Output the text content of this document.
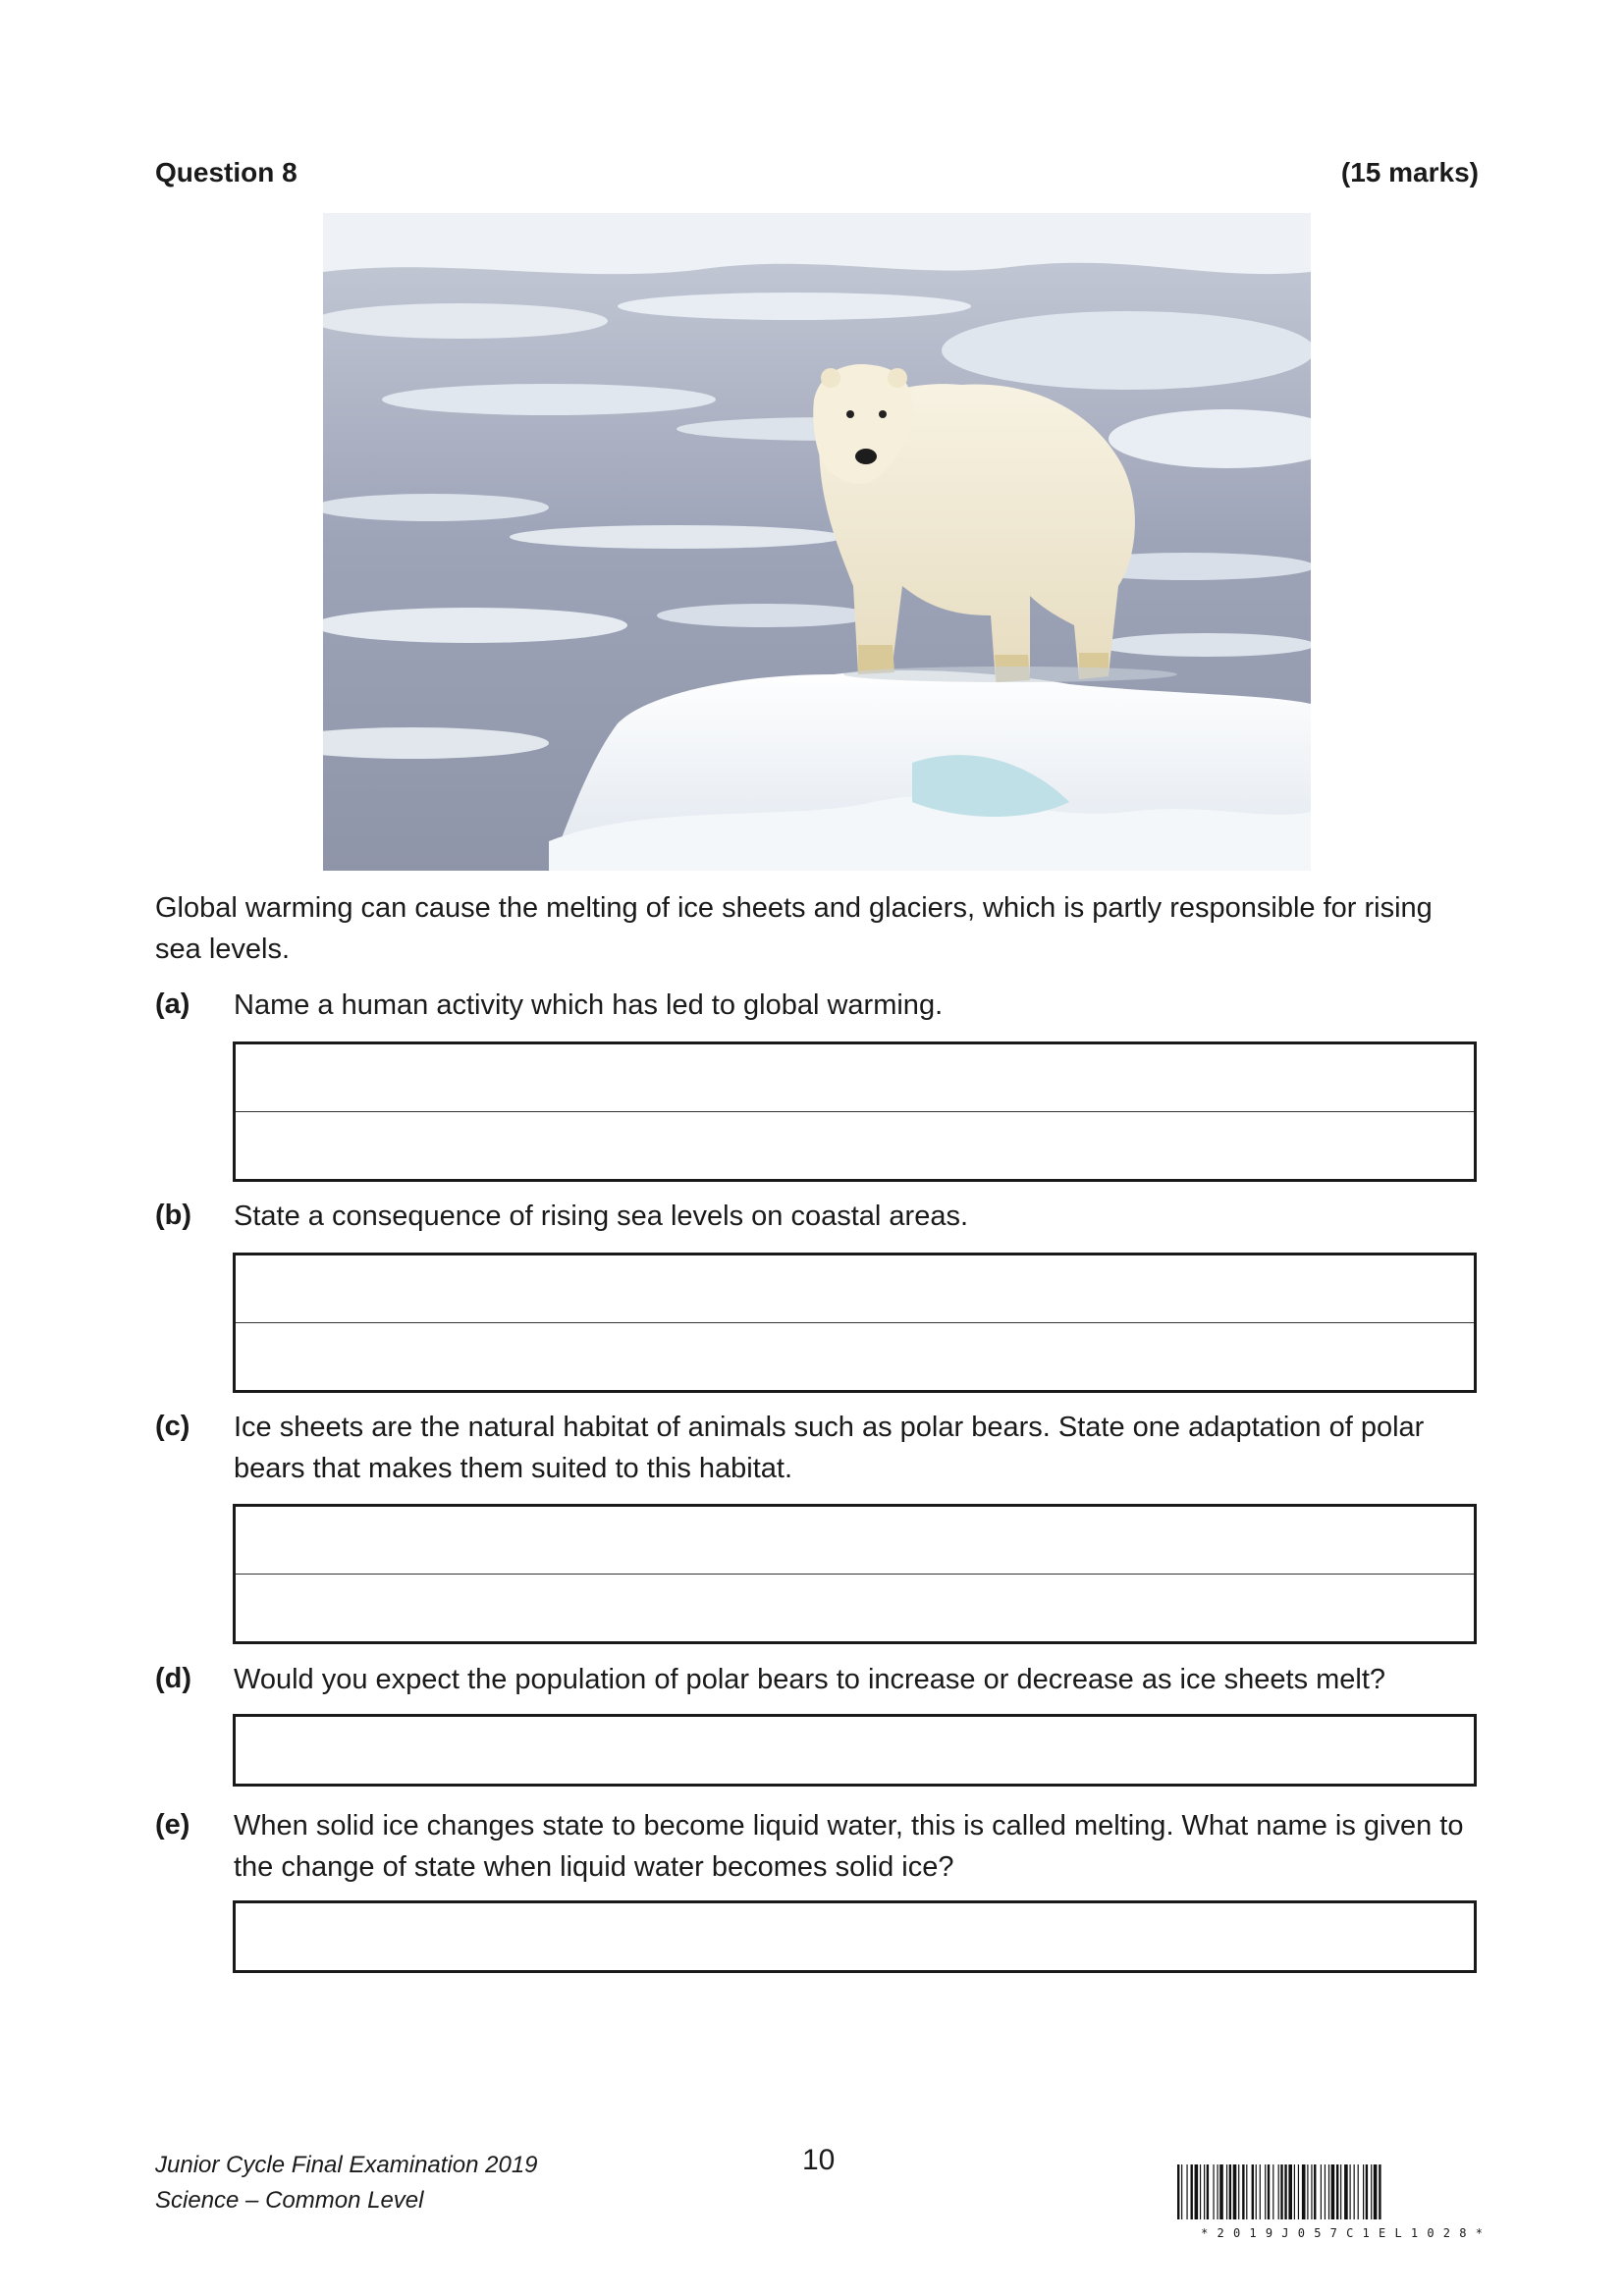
Question 8	(15 marks)
Global warming can cause the melting of ice sheets and glaciers, which is partly responsible for rising sea levels.
(a) Name a human activity which has led to global warming.
(b) State a consequence of rising sea levels on coastal areas.
(c) Ice sheets are the natural habitat of animals such as polar bears. State one adaptation of polar bears that makes them suited to this habitat.
(d) Would you expect the population of polar bears to increase or decrease as ice sheets melt?
(e) When solid ice changes state to become liquid water, this is called melting. What name is given to the change of state when liquid water becomes solid ice?
Junior Cycle Final Examination 2019
Science – Common Level
10
* 2 0 1 9 J 0 5 7 C 1 E L 1 0 2 8 *
